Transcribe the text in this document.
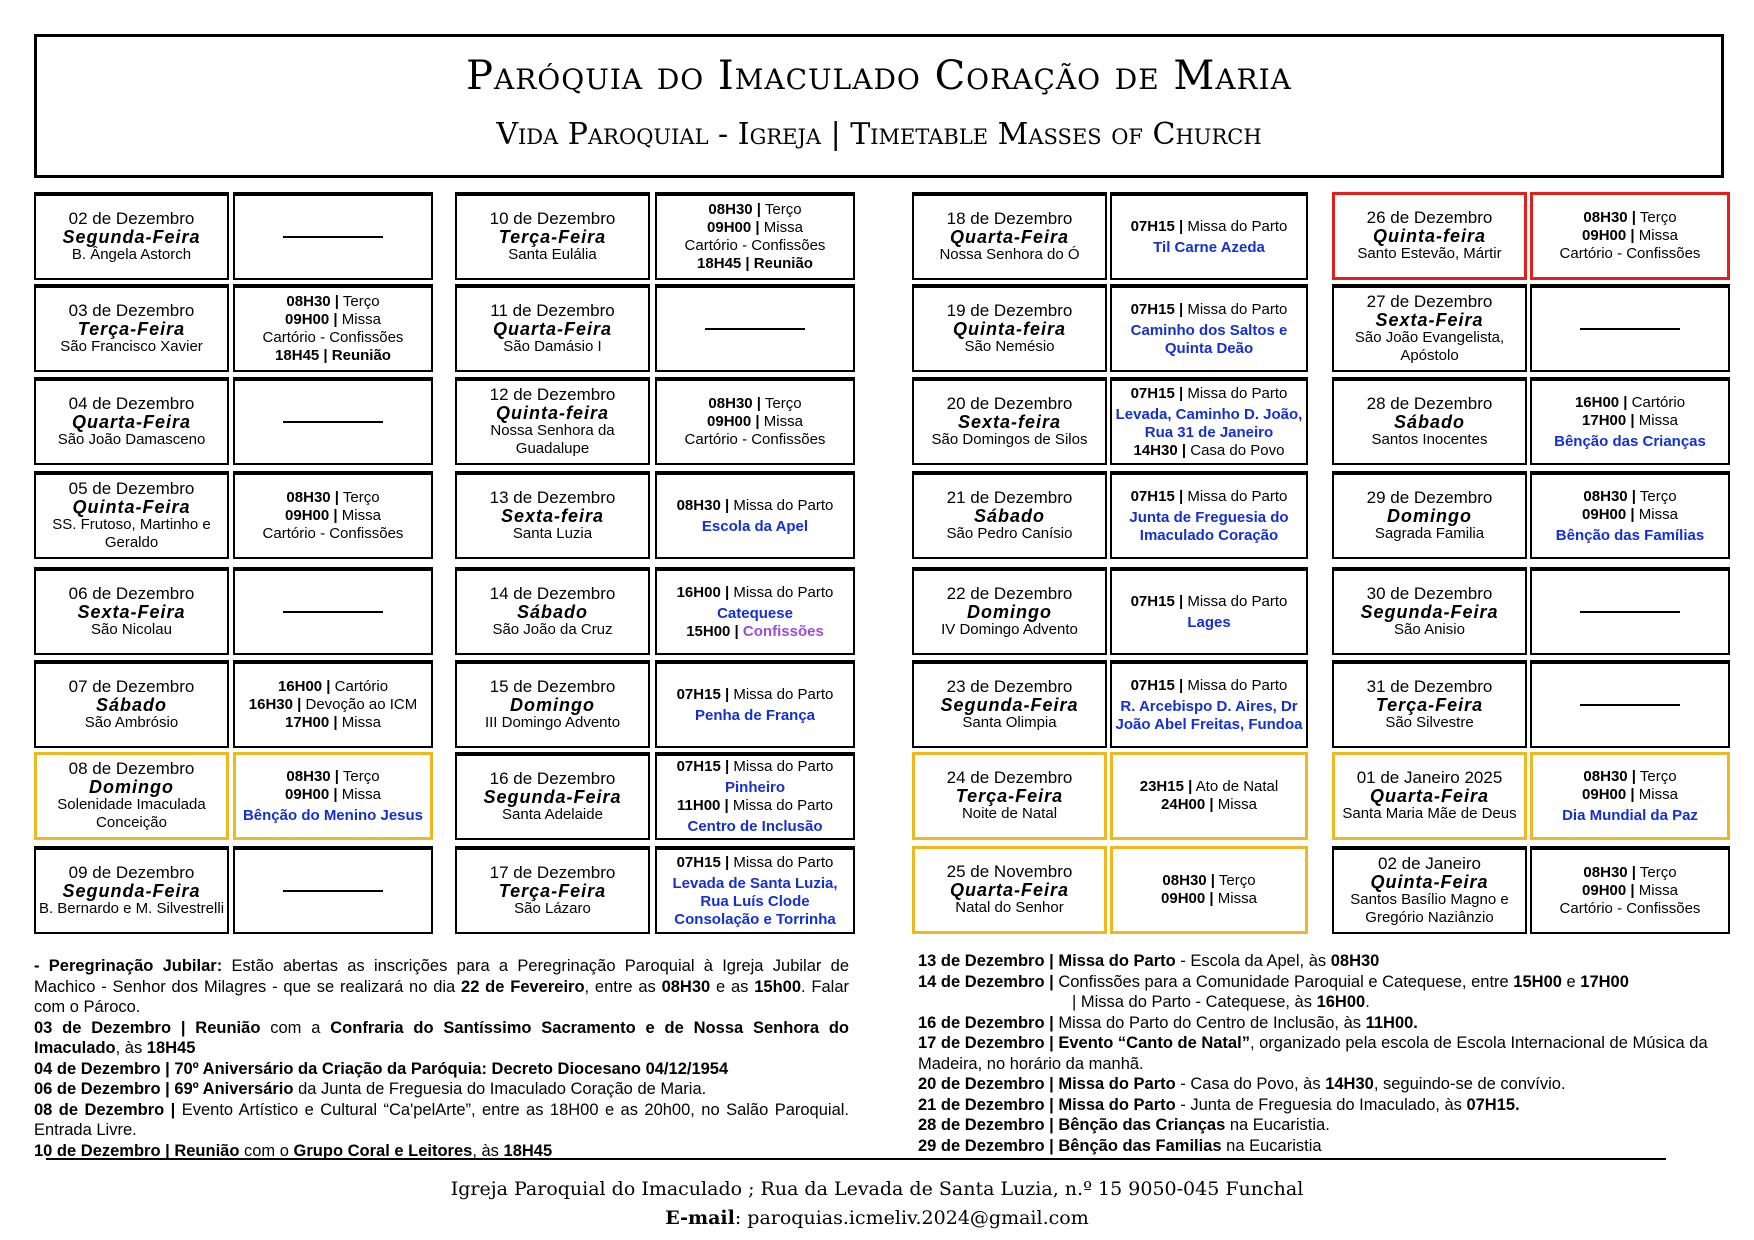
Paróquia do Imaculado Coração de Maria
Vida Paroquial - Igreja | Timetable Masses of Church
02 de Dezembro
Segunda-Feira
B. Ângela Astorch
03 de Dezembro
Terça-Feira
São Francisco Xavier
08H30 | Terço
09H00 | Missa
Cartório - Confissões
18H45 | Reunião
04 de Dezembro
Quarta-Feira
São João Damasceno
05 de Dezembro
Quinta-Feira
SS. Frutoso, Martinho e Geraldo
08H30 | Terço
09H00 | Missa
Cartório - Confissões
06 de Dezembro
Sexta-Feira
São Nicolau
07 de Dezembro
Sábado
São Ambrósio
16H00 | Cartório
16H30 | Devoção ao ICM
17H00 | Missa
08 de Dezembro
Domingo
Solenidade Imaculada Conceição
08H30 | Terço
09H00 | Missa
Bênção do Menino Jesus
09 de Dezembro
Segunda-Feira
B. Bernardo e M. Silvestrelli
10 de Dezembro
Terça-Feira
Santa Eulália
08H30 | Terço
09H00 | Missa
Cartório - Confissões
18H45 | Reunião
11 de Dezembro
Quarta-Feira
São Damásio I
12 de Dezembro
Quinta-feira
Nossa Senhora da Guadalupe
08H30 | Terço
09H00 | Missa
Cartório - Confissões
13 de Dezembro
Sexta-feira
Santa Luzia
08H30 | Missa do Parto
Escola da Apel
14 de Dezembro
Sábado
São João da Cruz
16H00 | Missa do Parto
Catequese
15H00 | Confissões
15 de Dezembro
Domingo
III Domingo Advento
07H15 | Missa do Parto
Penha de França
16 de Dezembro
Segunda-Feira
Santa Adelaide
07H15 | Missa do Parto
Pinheiro
11H00 | Missa do Parto
Centro de Inclusão
17 de Dezembro
Terça-Feira
São Lázaro
07H15 | Missa do Parto
Levada de Santa Luzia, Rua Luís Clode Consolação e Torrinha
18 de Dezembro
Quarta-Feira
Nossa Senhora do Ó
07H15 | Missa do Parto
Til Carne Azeda
19 de Dezembro
Quinta-feira
São Nemésio
07H15 | Missa do Parto
Caminho dos Saltos e Quinta Deão
20 de Dezembro
Sexta-feira
São Domingos de Silos
07H15 | Missa do Parto
Levada, Caminho D. João, Rua 31 de Janeiro
14H30 | Casa do Povo
21 de Dezembro
Sábado
São Pedro Canísio
07H15 | Missa do Parto
Junta de Freguesia do Imaculado Coração
22 de Dezembro
Domingo
IV Domingo Advento
07H15 | Missa do Parto
Lages
23 de Dezembro
Segunda-Feira
Santa Olimpia
07H15 | Missa do Parto
R. Arcebispo D. Aires, Dr João Abel Freitas, Fundoa
24 de Dezembro
Terça-Feira
Noite de Natal
23H15 | Ato de Natal
24H00 | Missa
25 de Novembro
Quarta-Feira
Natal do Senhor
08H30 | Terço
09H00 | Missa
26 de Dezembro
Quinta-feira
Santo Estevão, Mártir
08H30 | Terço
09H00 | Missa
Cartório - Confissões
27 de Dezembro
Sexta-Feira
São João Evangelista, Apóstolo
28 de Dezembro
Sábado
Santos Inocentes
16H00 | Cartório
17H00 | Missa
Bênção das Crianças
29 de Dezembro
Domingo
Sagrada Familia
08H30 | Terço
09H00 | Missa
Bênção das Famílias
30 de Dezembro
Segunda-Feira
São Anisio
31 de Dezembro
Terça-Feira
São Silvestre
01 de Janeiro 2025
Quarta-Feira
Santa Maria Mãe de Deus
08H30 | Terço
09H00 | Missa
Dia Mundial da Paz
02 de Janeiro
Quinta-Feira
Santos Basílio Magno e Gregório Naziânzio
08H30 | Terço
09H00 | Missa
Cartório - Confissões

- Peregrinação Jubilar: Estão abertas as inscrições para a Peregrinação Paroquial à Igreja Jubilar de Machico - Senhor dos Milagres - que se realizará no dia 22 de Fevereiro, entre as 08H30 e as 15h00. Falar com o Pároco.

03 de Dezembro | Reunião com a Confraria do Santíssimo Sacramento e de Nossa Senhora do Imaculado, às 18H45

04 de Dezembro | 70º Aniversário da Criação da Paróquia: Decreto Diocesano 04/12/1954

06 de Dezembro | 69º Aniversário da Junta de Freguesia do Imaculado Coração de Maria.

08 de Dezembro | Evento Artístico e Cultural “Ca'pelArte”, entre as 18H00 e as 20h00, no Salão Paroquial. Entrada Livre.

10 de Dezembro | Reunião com o Grupo Coral e Leitores, às 18H45

13 de Dezembro | Missa do Parto - Escola da Apel, às 08H30

14 de Dezembro | Confissões para a Comunidade Paroquial e Catequese, entre 15H00 e 17H00

| Missa do Parto - Catequese, às 16H00.

16 de Dezembro | Missa do Parto do Centro de Inclusão, às 11H00.

17 de Dezembro | Evento “Canto de Natal”, organizado pela escola de Escola Internacional de Música da Madeira, no horário da manhã.

20 de Dezembro | Missa do Parto - Casa do Povo, às 14H30, seguindo-se de convívio.

21 de Dezembro | Missa do Parto - Junta de Freguesia do Imaculado, às 07H15.

28 de Dezembro | Bênção das Crianças na Eucaristia.

29 de Dezembro | Bênção das Familias na Eucaristia

Igreja Paroquial do Imaculado ; Rua da Levada de Santa Luzia, n.º 15 9050-045 Funchal
E-mail: paroquias.icmeliv.2024@gmail.com
